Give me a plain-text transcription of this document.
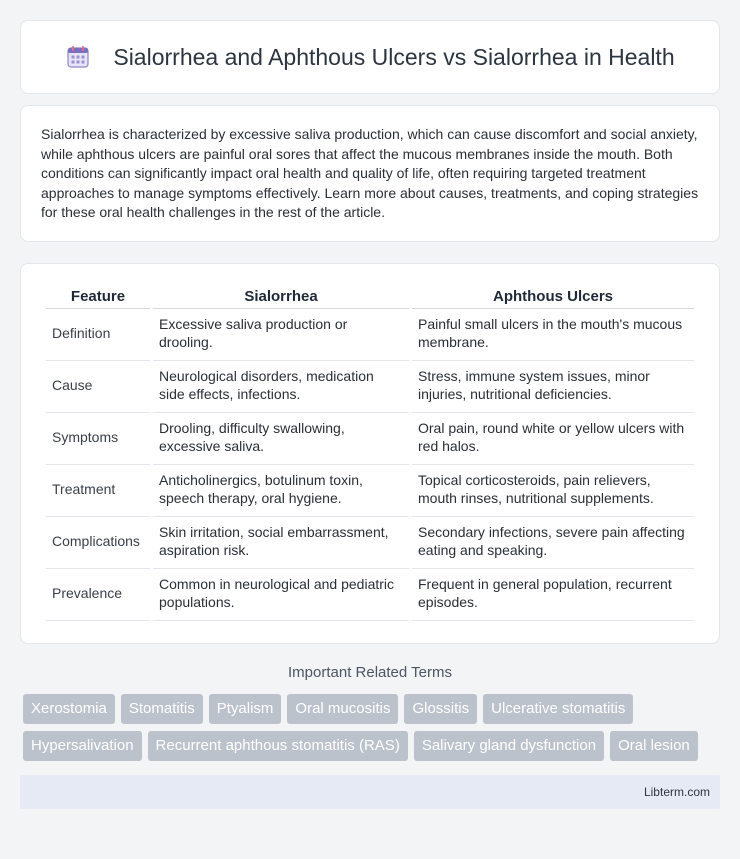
Sialorrhea and Aphthous Ulcers vs Sialorrhea in Health

Sialorrhea is characterized by excessive saliva production, which can cause discomfort and social anxiety, while aphthous ulcers are painful oral sores that affect the mucous membranes inside the mouth. Both conditions can significantly impact oral health and quality of life, often requiring targeted treatment approaches to manage symptoms effectively. Learn more about causes, treatments, and coping strategies for these oral health challenges in the rest of the article.

Feature	Sialorrhea	Aphthous Ulcers
Definition	Excessive saliva production or drooling.	Painful small ulcers in the mouth's mucous membrane.
Cause	Neurological disorders, medication side effects, infections.	Stress, immune system issues, minor injuries, nutritional deficiencies.
Symptoms	Drooling, difficulty swallowing, excessive saliva.	Oral pain, round white or yellow ulcers with red halos.
Treatment	Anticholinergics, botulinum toxin, speech therapy, oral hygiene.	Topical corticosteroids, pain relievers, mouth rinses, nutritional supplements.
Complications	Skin irritation, social embarrassment, aspiration risk.	Secondary infections, severe pain affecting eating and speaking.
Prevalence	Common in neurological and pediatric populations.	Frequent in general population, recurrent episodes.
Important Related Terms
Xerostomia	Stomatitis	Ptyalism	Oral mucositis	Glossitis	Ulcerative stomatitis
Hypersalivation	Recurrent aphthous stomatitis (RAS)	Salivary gland dysfunction	Oral lesion
Libterm.com
